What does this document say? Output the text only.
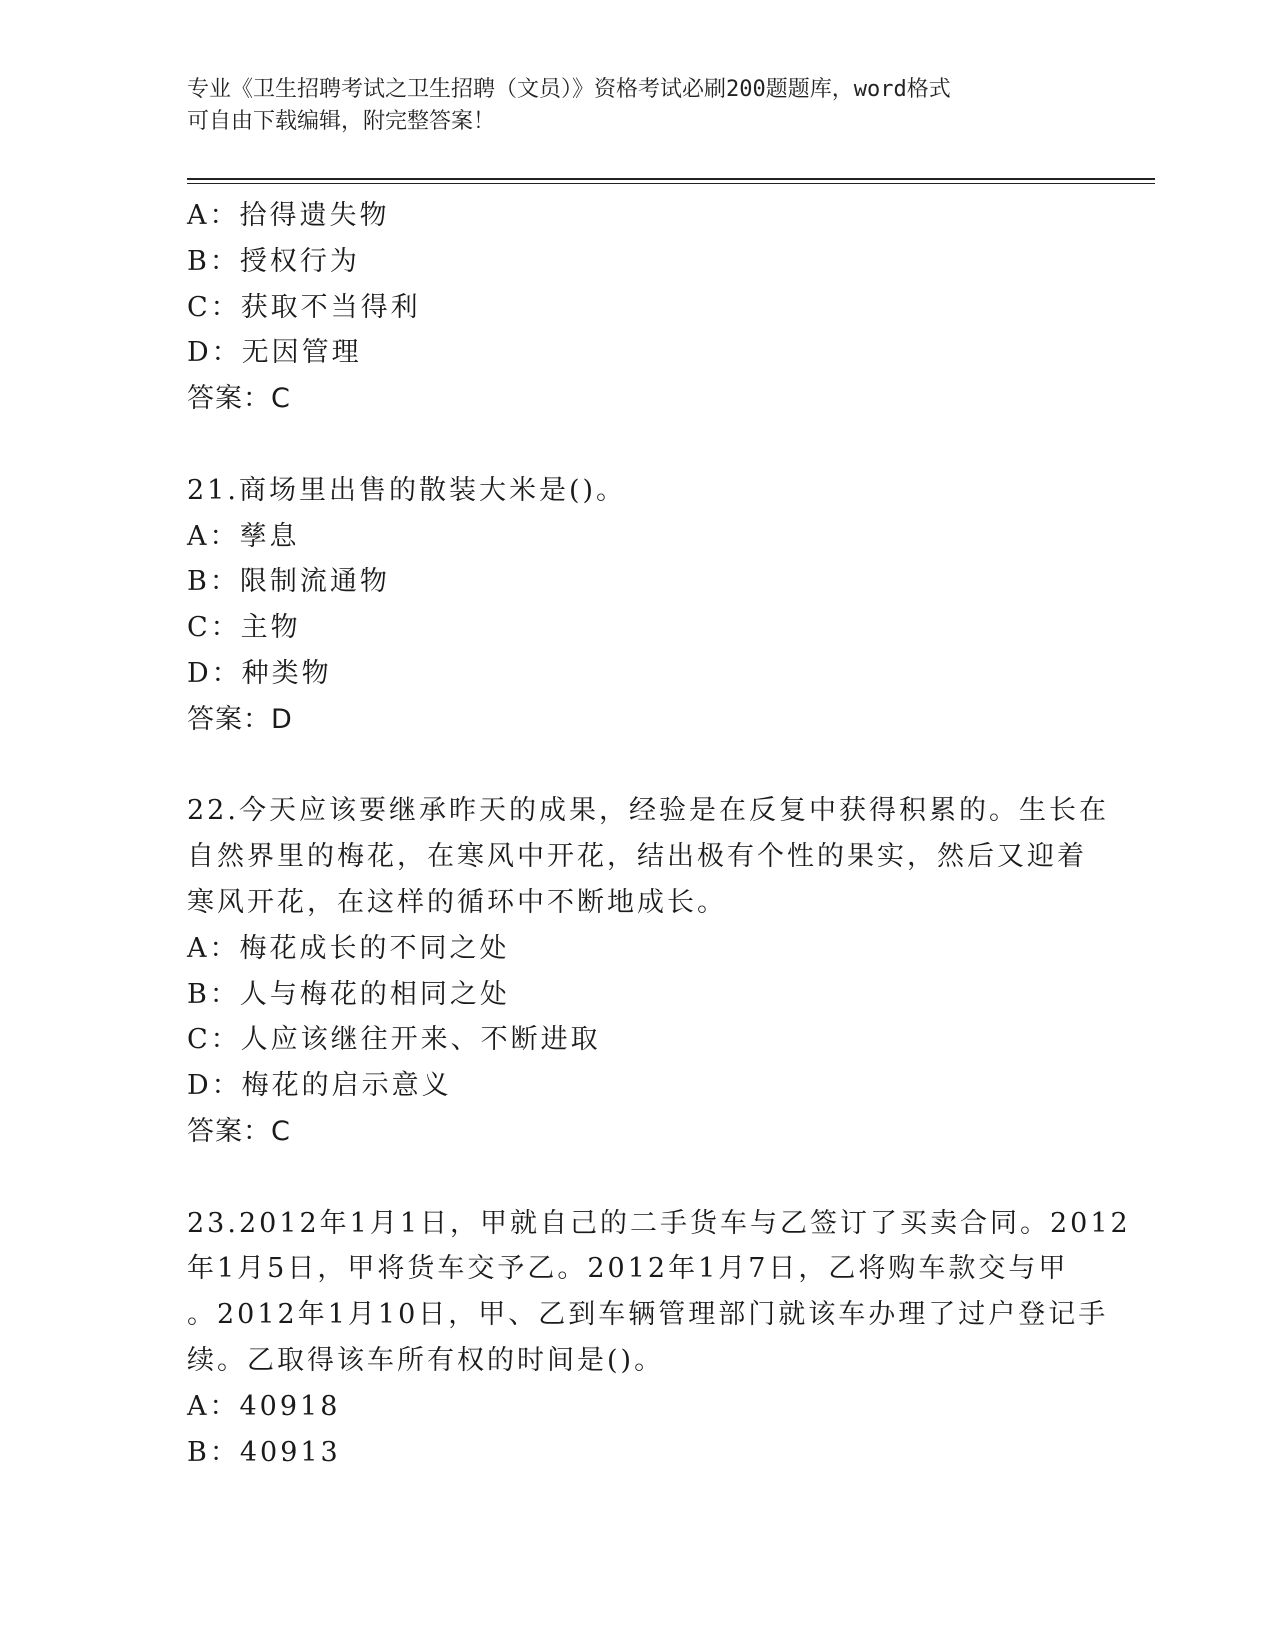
专业《卫生招聘考试之卫生招聘（文员）》资格考试必刷200题题库，word格式
可自由下载编辑，附完整答案！
A：拾得遗失物
B：授权行为
C：获取不当得利
D：无因管理
答案：C
21.商场里出售的散装大米是()。
A：孳息
B：限制流通物
C：主物
D：种类物
答案：D
22.今天应该要继承昨天的成果，经验是在反复中获得积累的。生长在
自然界里的梅花，在寒风中开花，结出极有个性的果实，然后又迎着
寒风开花，在这样的循环中不断地成长。
A：梅花成长的不同之处
B：人与梅花的相同之处
C：人应该继往开来、不断进取
D：梅花的启示意义
答案：C
23.2012年1月1日，甲就自己的二手货车与乙签订了买卖合同。2012
年1月5日，甲将货车交予乙。2012年1月7日，乙将购车款交与甲
。2012年1月10日，甲、乙到车辆管理部门就该车办理了过户登记手
续。乙取得该车所有权的时间是()。
A：40918
B：40913
